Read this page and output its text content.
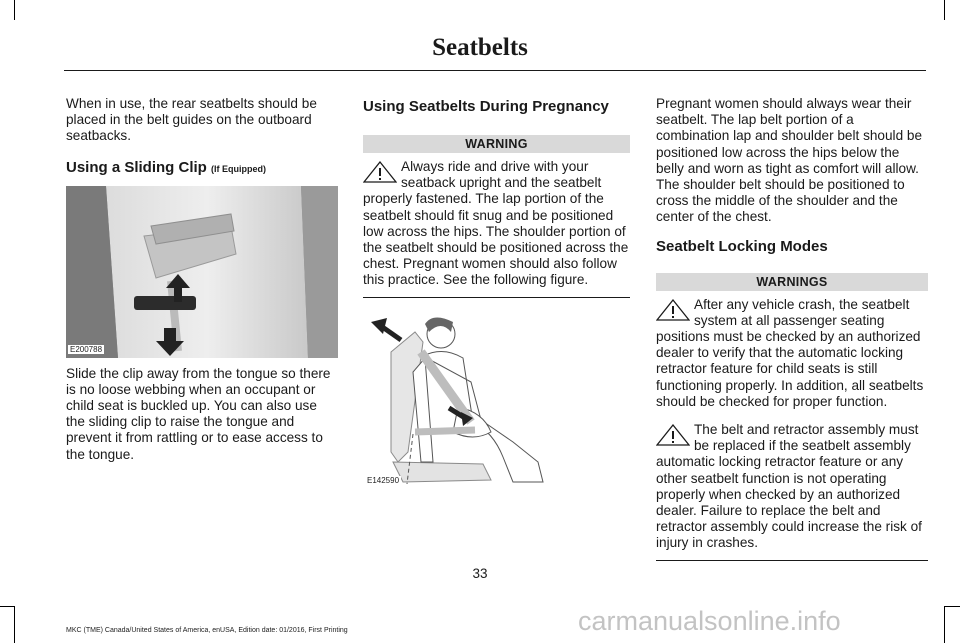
Seatbelts

When in use, the rear seatbelts should be placed in the belt guides on the outboard seatbacks.

Using a Sliding Clip (If Equipped)
E200788

Slide the clip away from the tongue so there is no loose webbing when an occupant or child seat is buckled up. You can also use the sliding clip to raise the tongue and prevent it from rattling or to ease access to the tongue.

Using Seatbelts During Pregnancy
WARNING
Always ride and drive with your seatback upright and the seatbelt properly fastened. The lap portion of the seatbelt should fit snug and be positioned low across the hips. The shoulder portion of the seatbelt should be positioned across the chest. Pregnant women should also follow this practice. See the following figure.
E142590

Pregnant women should always wear their seatbelt. The lap belt portion of a combination lap and shoulder belt should be positioned low across the hips below the belly and worn as tight as comfort will allow. The shoulder belt should be positioned to cross the middle of the shoulder and the center of the chest.

Seatbelt Locking Modes
WARNINGS
After any vehicle crash, the seatbelt system at all passenger seating positions must be checked by an authorized dealer to verify that the automatic locking retractor feature for child seats is still functioning properly. In addition, all seatbelts should be checked for proper function.
The belt and retractor assembly must be replaced if the seatbelt assembly automatic locking retractor feature or any other seatbelt function is not operating properly when checked by an authorized dealer. Failure to replace the belt and retractor assembly could increase the risk of injury in crashes.
33
MKC (TME) Canada/United States of America, enUSA, Edition date: 01/2016, First Printing	carmanualsonline.info
